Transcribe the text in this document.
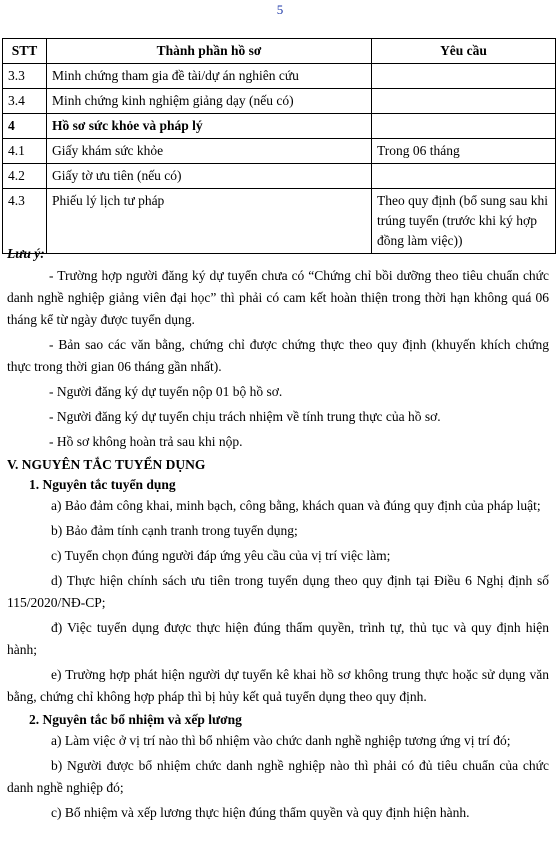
5
STT	Thành phần hồ sơ	Yêu cầu
3.3	Minh chứng tham gia đề tài/dự án nghiên cứu	
3.4	Minh chứng kinh nghiệm giảng dạy (nếu có)	
4	Hồ sơ sức khỏe và pháp lý	
4.1	Giấy khám sức khỏe	Trong 06 tháng
4.2	Giấy tờ ưu tiên (nếu có)	
4.3	Phiếu lý lịch tư pháp	Theo quy định (bổ sung sau khi trúng tuyển (trước khi ký hợp đồng làm việc))
Lưu ý:

- Trường hợp người đăng ký dự tuyển chưa có “Chứng chỉ bồi dưỡng theo tiêu chuẩn chức danh nghề nghiệp giảng viên đại học” thì phải có cam kết hoàn thiện trong thời hạn không quá 06 tháng kể từ ngày được tuyển dụng.

- Bản sao các văn bằng, chứng chỉ được chứng thực theo quy định (khuyến khích chứng thực trong thời gian 06 tháng gần nhất).

- Người đăng ký dự tuyển nộp 01 bộ hồ sơ.

- Người đăng ký dự tuyển chịu trách nhiệm về tính trung thực của hồ sơ.

- Hồ sơ không hoàn trả sau khi nộp.

V. NGUYÊN TẮC TUYỂN DỤNG
1. Nguyên tắc tuyển dụng

a) Bảo đảm công khai, minh bạch, công bằng, khách quan và đúng quy định của pháp luật;

b) Bảo đảm tính cạnh tranh trong tuyển dụng;

c) Tuyển chọn đúng người đáp ứng yêu cầu của vị trí việc làm;

d) Thực hiện chính sách ưu tiên trong tuyển dụng theo quy định tại Điều 6 Nghị định số 115/2020/NĐ-CP;

đ) Việc tuyển dụng được thực hiện đúng thẩm quyền, trình tự, thủ tục và quy định hiện hành;

e) Trường hợp phát hiện người dự tuyển kê khai hồ sơ không trung thực hoặc sử dụng văn bằng, chứng chỉ không hợp pháp thì bị hủy kết quả tuyển dụng theo quy định.

2. Nguyên tắc bổ nhiệm và xếp lương

a) Làm việc ở vị trí nào thì bổ nhiệm vào chức danh nghề nghiệp tương ứng vị trí đó;

b) Người được bổ nhiệm chức danh nghề nghiệp nào thì phải có đủ tiêu chuẩn của chức danh nghề nghiệp đó;

c) Bổ nhiệm và xếp lương thực hiện đúng thẩm quyền và quy định hiện hành.
